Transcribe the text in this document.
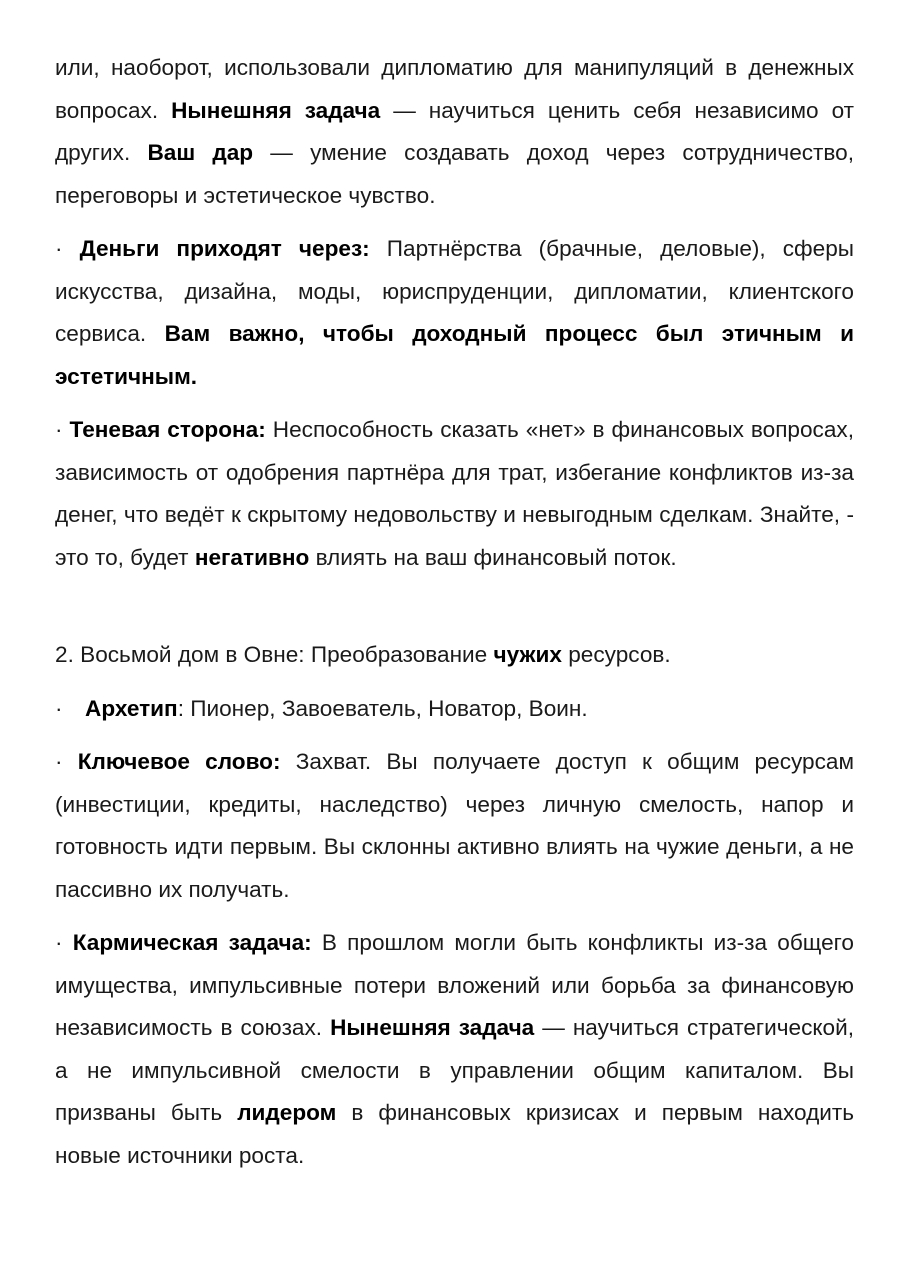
или, наоборот, использовали дипломатию для манипуляций в денежных вопросах. Нынешняя задача — научиться ценить себя независимо от других. Ваш дар — умение создавать доход через сотрудничество, переговоры и эстетическое чувство.

· Деньги приходят через: Партнёрства (брачные, деловые), сферы искусства, дизайна, моды, юриспруденции, дипломатии, клиентского сервиса. Вам важно, чтобы доходный процесс был этичным и эстетичным.

· Теневая сторона: Неспособность сказать «нет» в финансовых вопросах, зависимость от одобрения партнёра для трат, избегание конфликтов из-за денег, что ведёт к скрытому недовольству и невыгодным сделкам. Знайте, - это то, будет негативно влиять на ваш финансовый поток.

2. Восьмой дом в Овне: Преобразование чужих ресурсов.

· Архетип: Пионер, Завоеватель, Новатор, Воин.

· Ключевое слово: Захват. Вы получаете доступ к общим ресурсам (инвестиции, кредиты, наследство) через личную смелость, напор и готовность идти первым. Вы склонны активно влиять на чужие деньги, а не пассивно их получать.

· Кармическая задача: В прошлом могли быть конфликты из-за общего имущества, импульсивные потери вложений или борьба за финансовую независимость в союзах. Нынешняя задача — научиться стратегической, а не импульсивной смелости в управлении общим капиталом. Вы призваны быть лидером в финансовых кризисах и первым находить новые источники роста.
